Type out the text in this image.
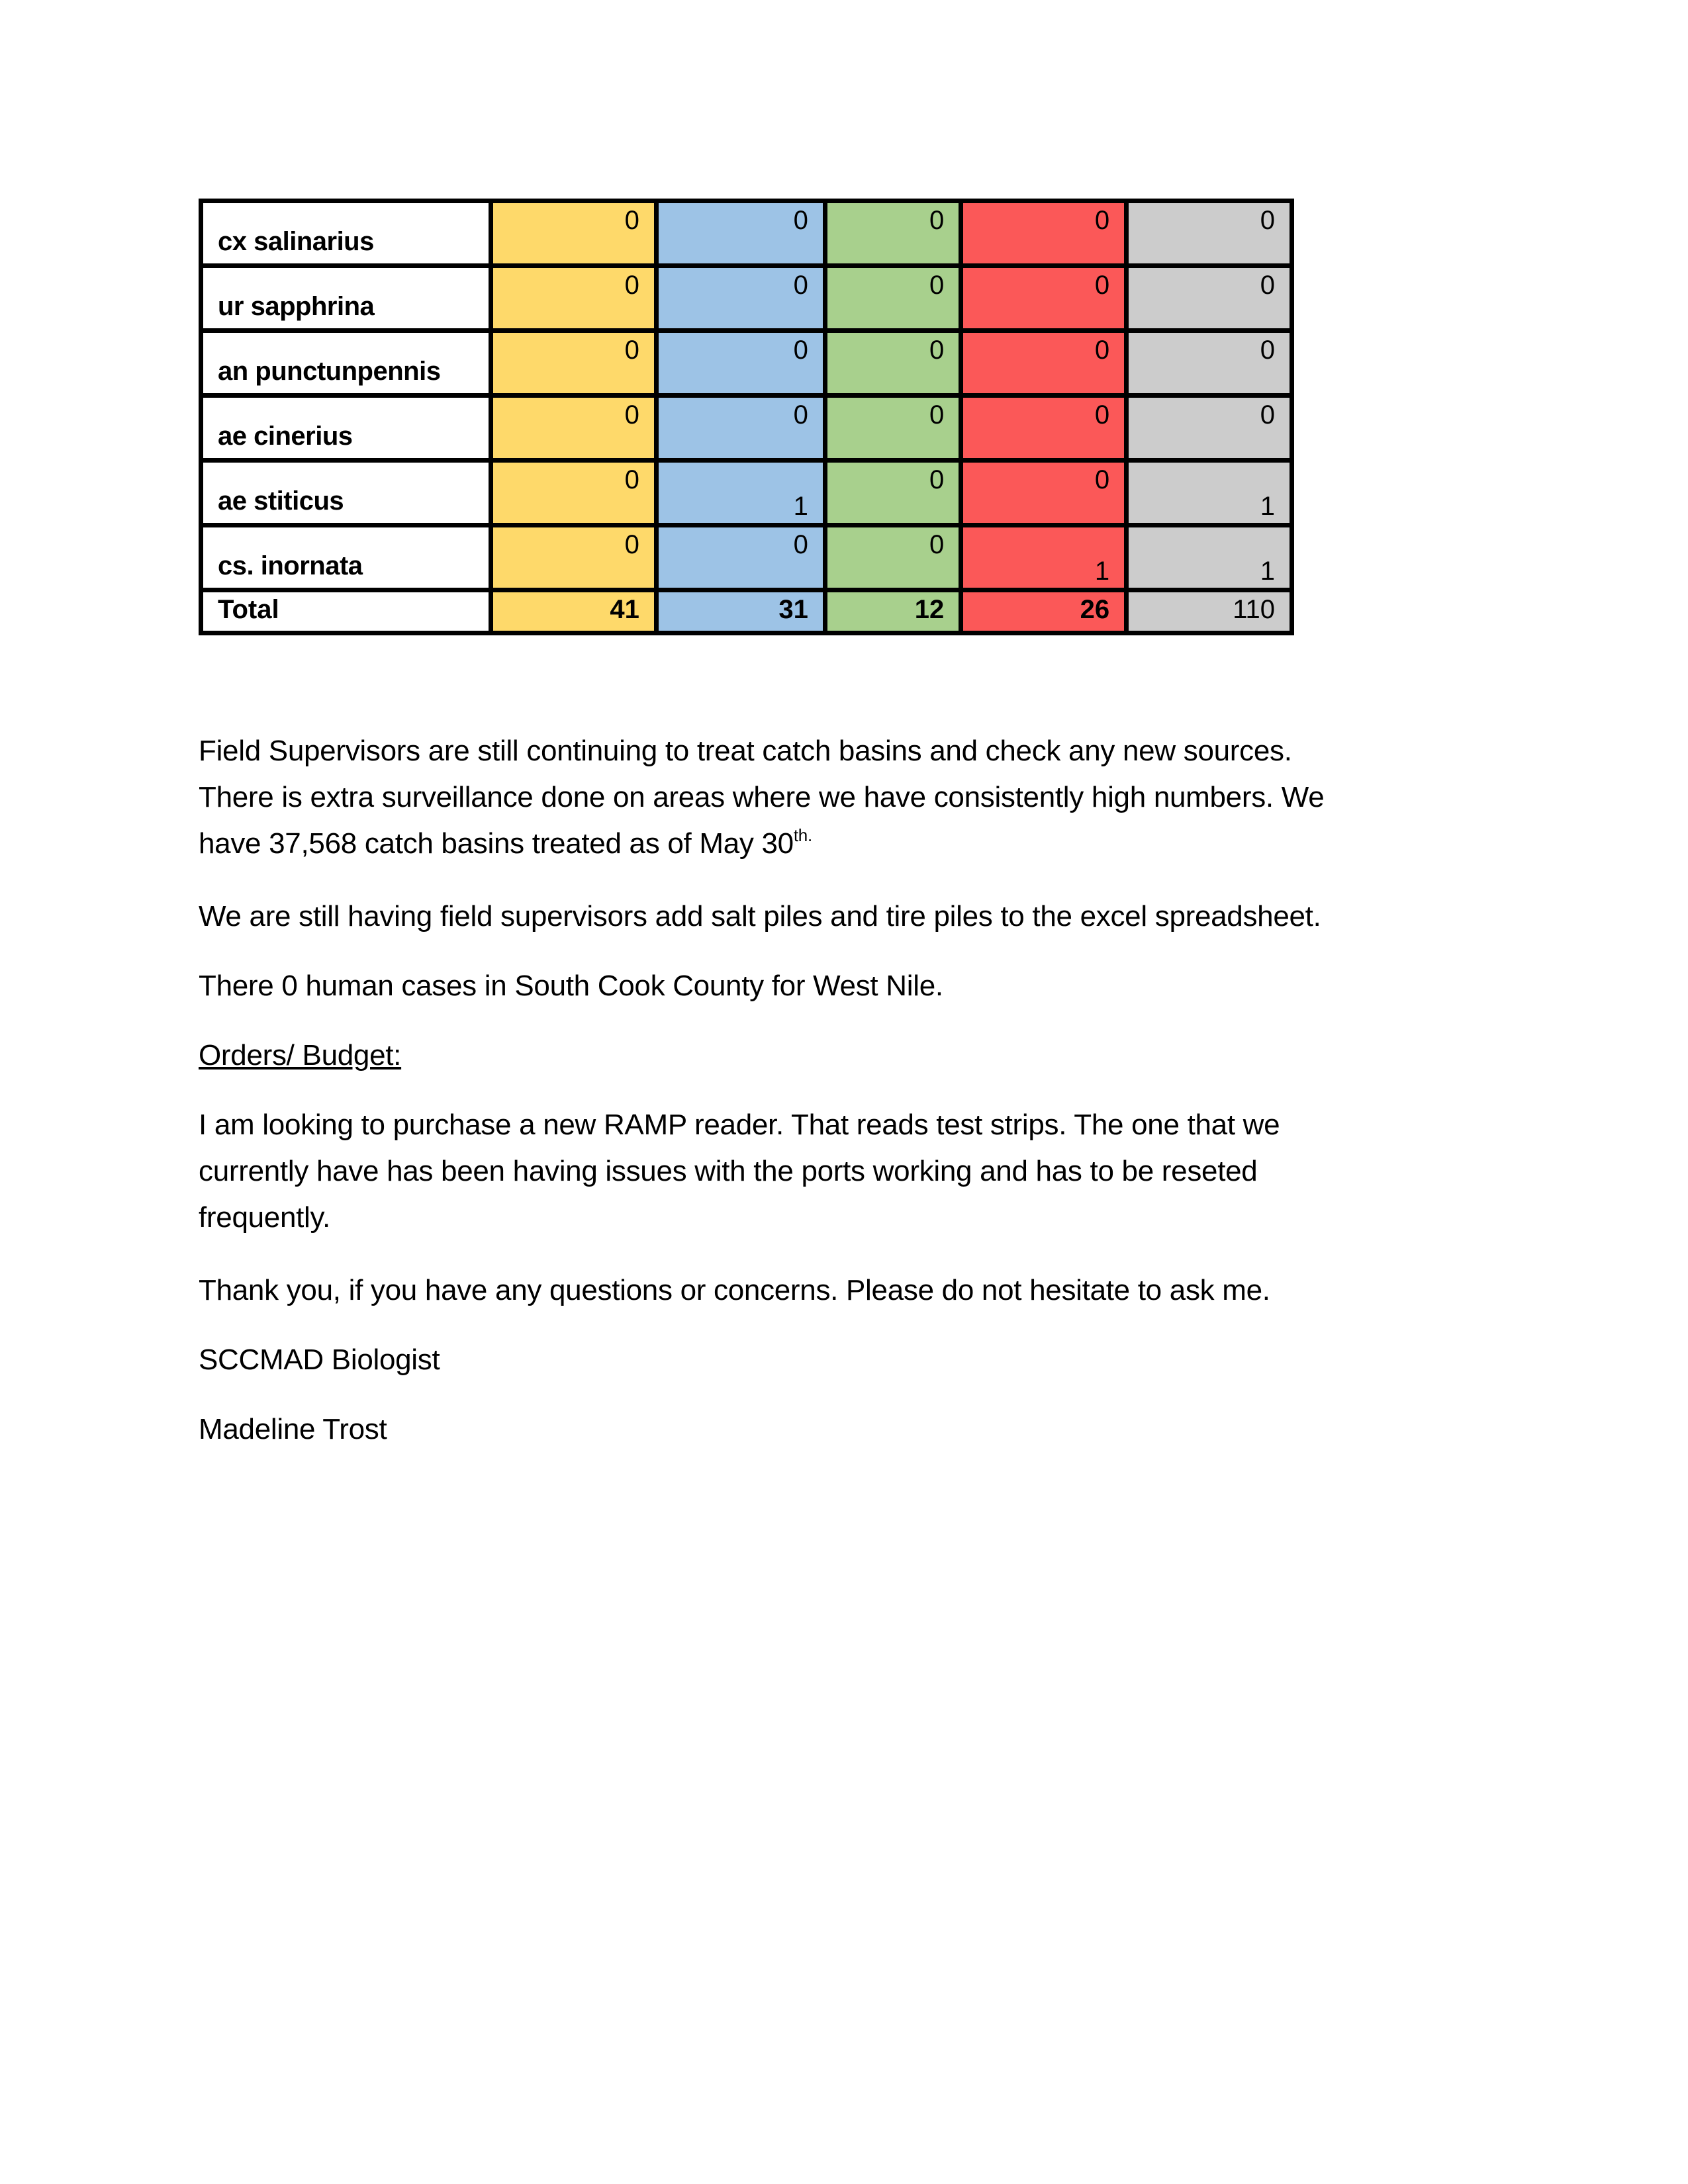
cx salinarius	0	0	0	0	0

ur sapphrina	0	0	0	0	0

an punctunpennis	0	0	0	0	0

ae cinerius	0	0	0	0	0

ae stiticus	0	1	0	0	1

cs. inornata	0	0	0	1	1

Total	41	31	12	26	110

Field Supervisors are still continuing to treat catch basins and check any new sources.

There is extra surveillance done on areas where we have consistently high numbers. We

have 37,568 catch basins treated as of May $30^{th.}$

We are still having field supervisors add salt piles and tire piles to the excel spreadsheet.

There 0 human cases in South Cook County for West Nile.

Orders/ Budget:

I am looking to purchase a new RAMP reader. That reads test strips. The one that we

currently have has been having issues with the ports working and has to be reseted

frequently.

Thank you, if you have any questions or concerns. Please do not hesitate to ask me.

SCCMAD Biologist

Madeline Trost
